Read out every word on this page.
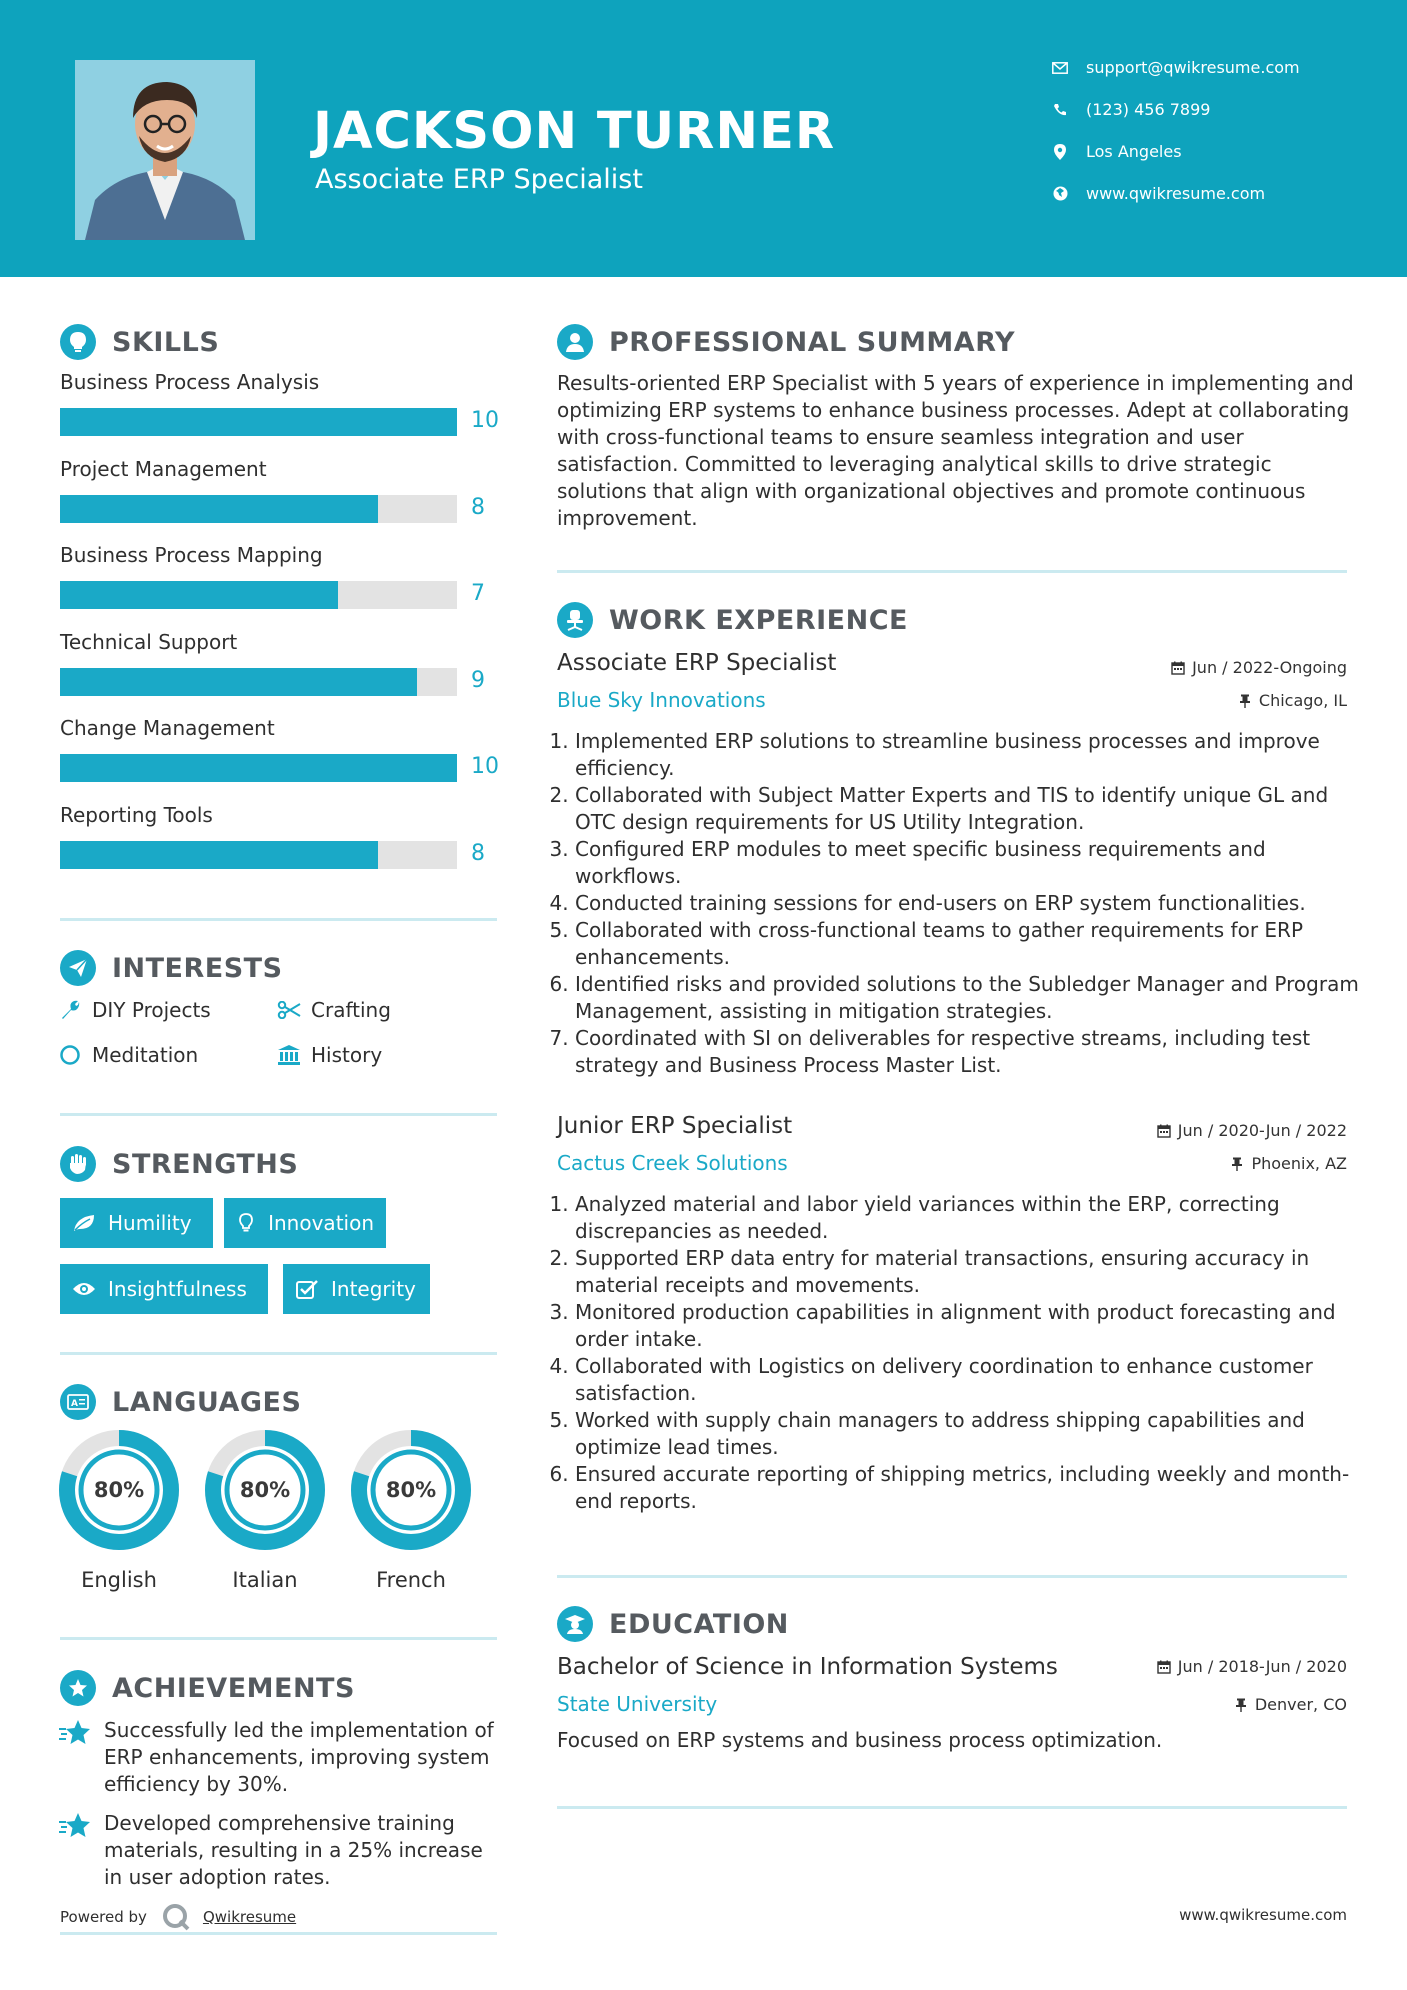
JACKSON TURNER
Associate ERP Specialist
support@qwikresume.com
(123) 456 7899
Los Angeles
www.qwikresume.com
SKILLS
Business Process Analysis
10
Project Management
8
Business Process Mapping
7
Technical Support
9
Change Management
10
Reporting Tools
8
INTERESTS
DIY Projects	Crafting
Meditation	History
STRENGTHS
Humility	Innovation
Insightfulness	Integrity
A LANGUAGES
80%
English
80%
Italian
80%
French
ACHIEVEMENTS
Successfully led the implementation of ERP enhancements, improving system efficiency by 30%.
Developed comprehensive training materials, resulting in a 25% increase in user adoption rates.
Powered by	Qwikresume
PROFESSIONAL SUMMARY
Results-oriented ERP Specialist with 5 years of experience in implementing and optimizing ERP systems to enhance business processes. Adept at collaborating with cross-functional teams to ensure seamless integration and user satisfaction. Committed to leveraging analytical skills to drive strategic solutions that align with organizational objectives and promote continuous improvement.
WORK EXPERIENCE
Associate ERP Specialist	Jun / 2022-Ongoing
Blue Sky Innovations	Chicago, IL
1. Implemented ERP solutions to streamline business processes and improve efficiency.
2. Collaborated with Subject Matter Experts and TIS to identify unique GL and OTC design requirements for US Utility Integration.
3. Configured ERP modules to meet specific business requirements and workflows.
4. Conducted training sessions for end-users on ERP system functionalities.
5. Collaborated with cross-functional teams to gather requirements for ERP enhancements.
6. Identified risks and provided solutions to the Subledger Manager and Program Management, assisting in mitigation strategies.
7. Coordinated with SI on deliverables for respective streams, including test strategy and Business Process Master List.
Junior ERP Specialist	Jun / 2020-Jun / 2022
Cactus Creek Solutions	Phoenix, AZ
1. Analyzed material and labor yield variances within the ERP, correcting discrepancies as needed.
2. Supported ERP data entry for material transactions, ensuring accuracy in material receipts and movements.
3. Monitored production capabilities in alignment with product forecasting and order intake.
4. Collaborated with Logistics on delivery coordination to enhance customer satisfaction.
5. Worked with supply chain managers to address shipping capabilities and optimize lead times.
6. Ensured accurate reporting of shipping metrics, including weekly and month-end reports.
EDUCATION
Bachelor of Science in Information Systems	Jun / 2018-Jun / 2020
State University	Denver, CO
Focused on ERP systems and business process optimization.
www.qwikresume.com
